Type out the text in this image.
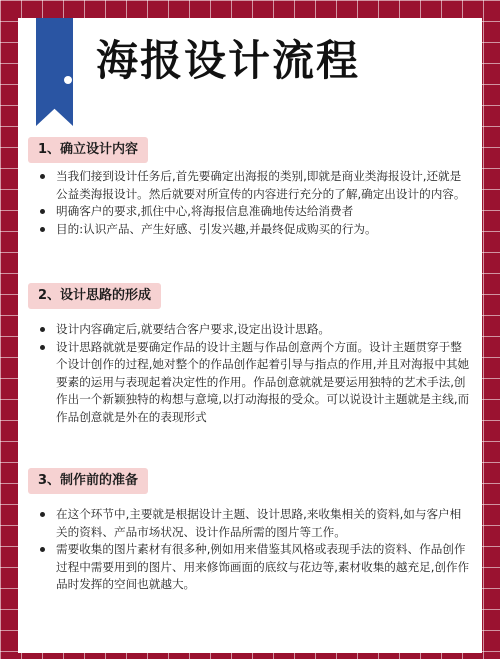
海报设计流程
1、确立设计内容
当我们接到设计任务后,首先要确定出海报的类别,即就是商业类海报设计,还就是公益类海报设计。然后就要对所宣传的内容进行充分的了解,确定出设计的内容。
明确客户的要求,抓住中心,将海报信息准确地传达给消费者
目的:认识产品、产生好感、引发兴趣,并最终促成购买的行为。
2、设计思路的形成
设计内容确定后,就要结合客户要求,设定出设计思路。
设计思路就就是要确定作品的设计主题与作品创意两个方面。设计主题贯穿于整个设计创作的过程,她对整个的作品创作起着引导与指点的作用,并且对海报中其她要素的运用与表现起着决定性的作用。作品创意就就是要运用独特的艺术手法,创作出一个新颖独特的构想与意境,以打动海报的受众。可以说设计主题就是主线,而作品创意就是外在的表现形式
3、制作前的准备
在这个环节中,主要就是根据设计主题、设计思路,来收集相关的资料,如与客户相关的资料、产品市场状况、设计作品所需的图片等工作。
需要收集的图片素材有很多种,例如用来借鉴其风格或表现手法的资料、作品创作过程中需要用到的图片、用来修饰画面的底纹与花边等,素材收集的越充足,创作作品时发挥的空间也就越大。
